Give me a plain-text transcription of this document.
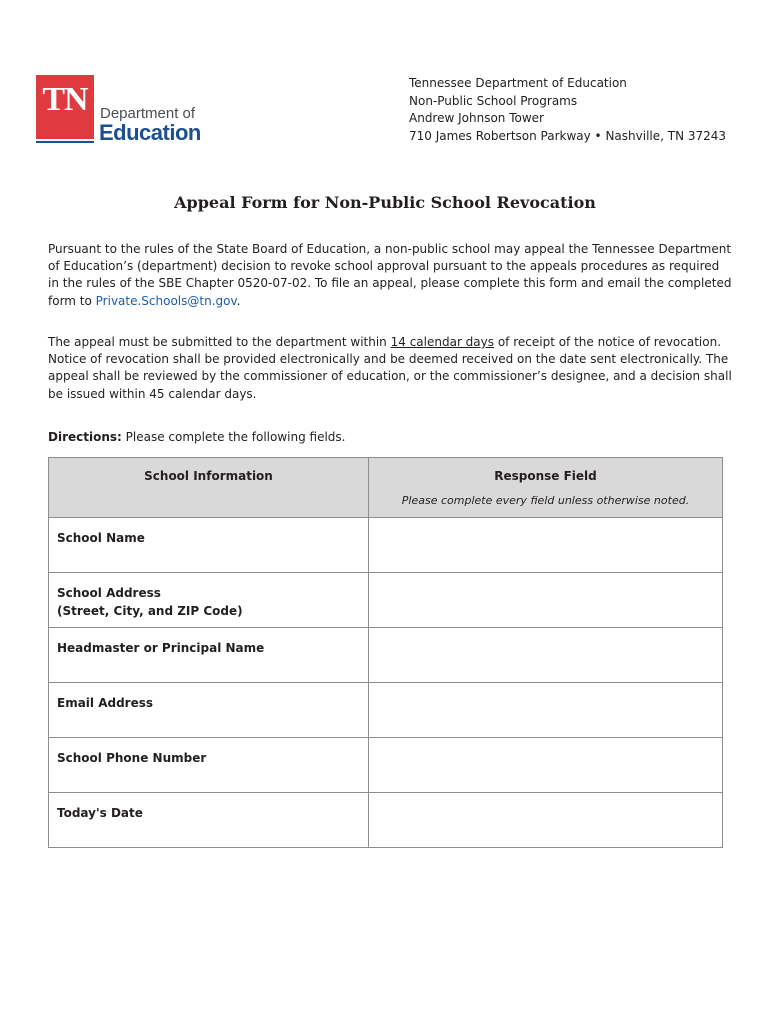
TN Department of
Education
Tennessee Department of Education
Non-Public School Programs
Andrew Johnson Tower
710 James Robertson Parkway • Nashville, TN 37243
Appeal Form for Non-Public School Revocation
Pursuant to the rules of the State Board of Education, a non-public school may appeal the Tennessee Department
of Education’s (department) decision to revoke school approval pursuant to the appeals procedures as required
in the rules of the SBE Chapter 0520-07-02. To file an appeal, please complete this form and email the completed
form to Private.Schools@tn.gov.
The appeal must be submitted to the department within 14 calendar days of receipt of the notice of revocation.
Notice of revocation shall be provided electronically and be deemed received on the date sent electronically. The
appeal shall be reviewed by the commissioner of education, or the commissioner’s designee, and a decision shall
be issued within 45 calendar days.
Directions: Please complete the following fields.
School Information	Response Field
Please complete every field unless otherwise noted.

School Name	

School Address
(Street, City, and ZIP Code)	

Headmaster or Principal Name	

Email Address	

School Phone Number	

Today's Date	
